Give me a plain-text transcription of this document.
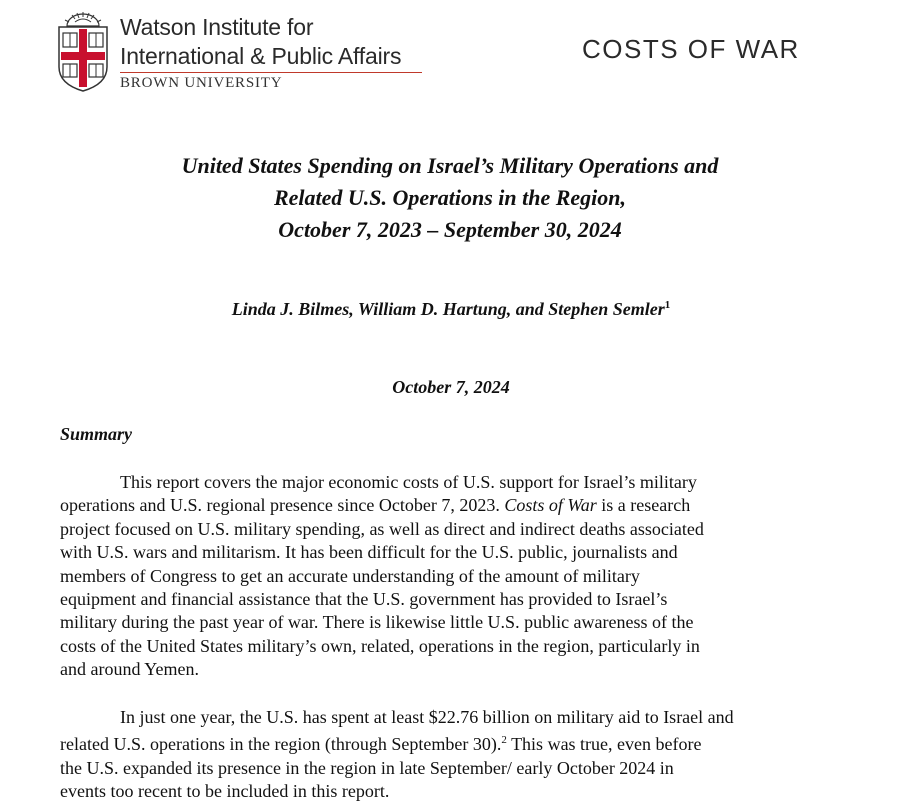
Watson Institute for
International & Public Affairs
BROWN UNIVERSITY
COSTS OF WAR
United States Spending on Israel’s Military Operations and
Related U.S. Operations in the Region,
October 7, 2023 – September 30, 2024
Linda J. Bilmes, William D. Hartung, and Stephen Semler$^1$
October 7, 2024
Summary
This report covers the major economic costs of U.S. support for Israel’s military
operations and U.S. regional presence since October 7, 2023. Costs of War is a research
project focused on U.S. military spending, as well as direct and indirect deaths associated
with U.S. wars and militarism. It has been difficult for the U.S. public, journalists and
members of Congress to get an accurate understanding of the amount of military
equipment and financial assistance that the U.S. government has provided to Israel’s
military during the past year of war. There is likewise little U.S. public awareness of the
costs of the United States military’s own, related, operations in the region, particularly in
and around Yemen.
In just one year, the U.S. has spent at least $22.76 billion on military aid to Israel and
related U.S. operations in the region (through September 30).$^2$ This was true, even before
the U.S. expanded its presence in the region in late September/ early October 2024 in
events too recent to be included in this report.
